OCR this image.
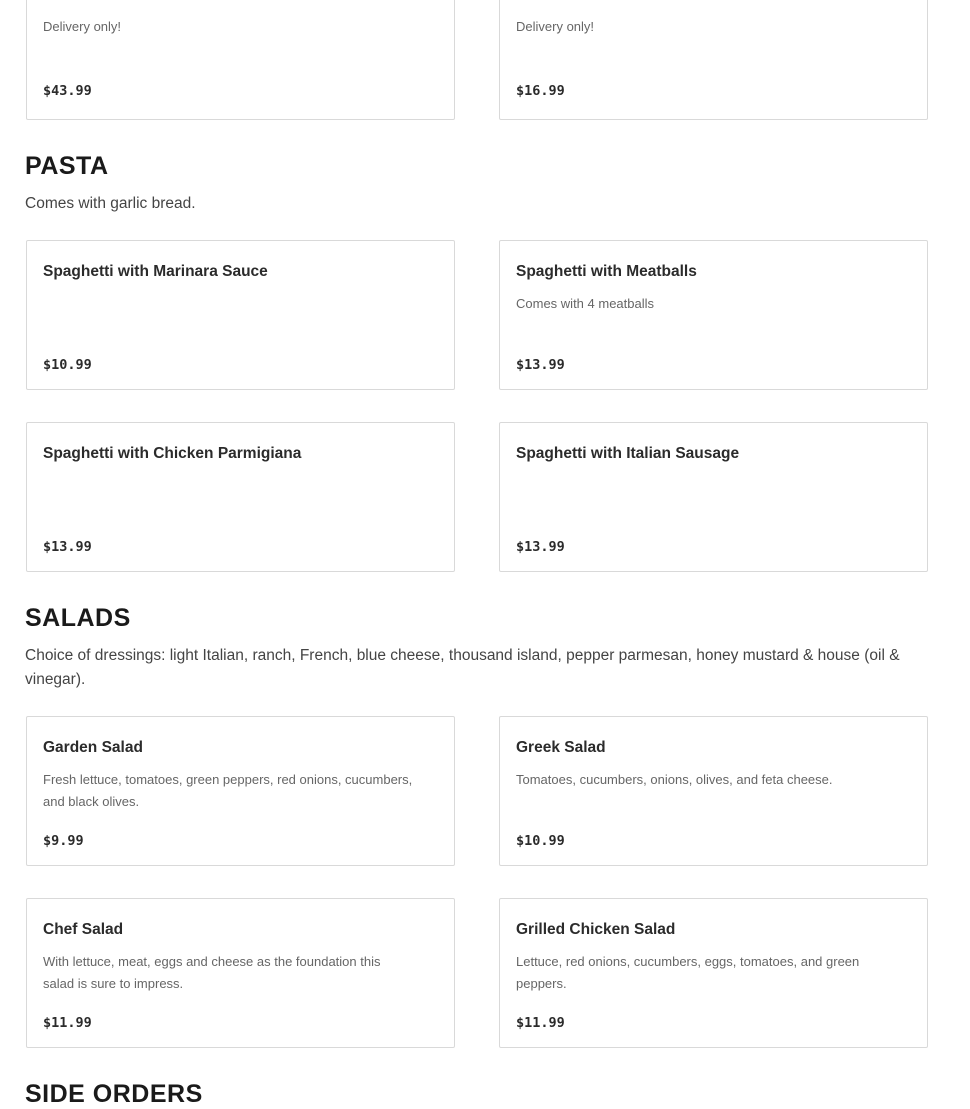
Delivery only!
$43.99
Delivery only!
$16.99
PASTA

Comes with garlic bread.

Spaghetti with Marinara Sauce
$10.99
Spaghetti with Meatballs
Comes with 4 meatballs
$13.99
Spaghetti with Chicken Parmigiana
$13.99
Spaghetti with Italian Sausage
$13.99
SALADS

Choice of dressings: light Italian, ranch, French, blue cheese, thousand island, pepper parmesan, honey mustard & house (oil & vinegar).

Garden Salad
Fresh lettuce, tomatoes, green peppers, red onions, cucumbers, and black olives.
$9.99
Greek Salad
Tomatoes, cucumbers, onions, olives, and feta cheese.
$10.99
Chef Salad
With lettuce, meat, eggs and cheese as the foundation this salad is sure to impress.
$11.99
Grilled Chicken Salad
Lettuce, red onions, cucumbers, eggs, tomatoes, and green peppers.
$11.99
SIDE ORDERS
